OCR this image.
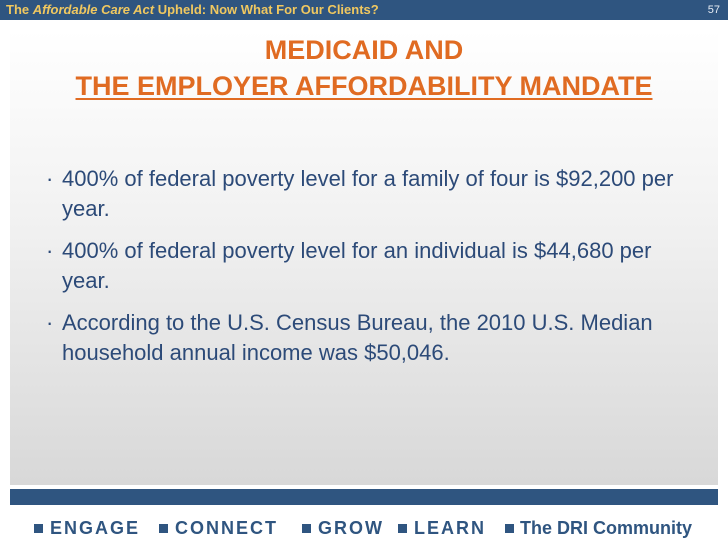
The Affordable Care Act Upheld: Now What For Our Clients?	57
MEDICAID AND
THE EMPLOYER AFFORDABILITY MANDATE
· 400% of federal poverty level for a family of four is $92,200 per year.
· 400% of federal poverty level for an individual is $44,680 per year.
· According to the U.S. Census Bureau, the 2010 U.S. Median household annual income was $50,046.
ENGAGE CONNECT GROW LEARN The DRI Community
